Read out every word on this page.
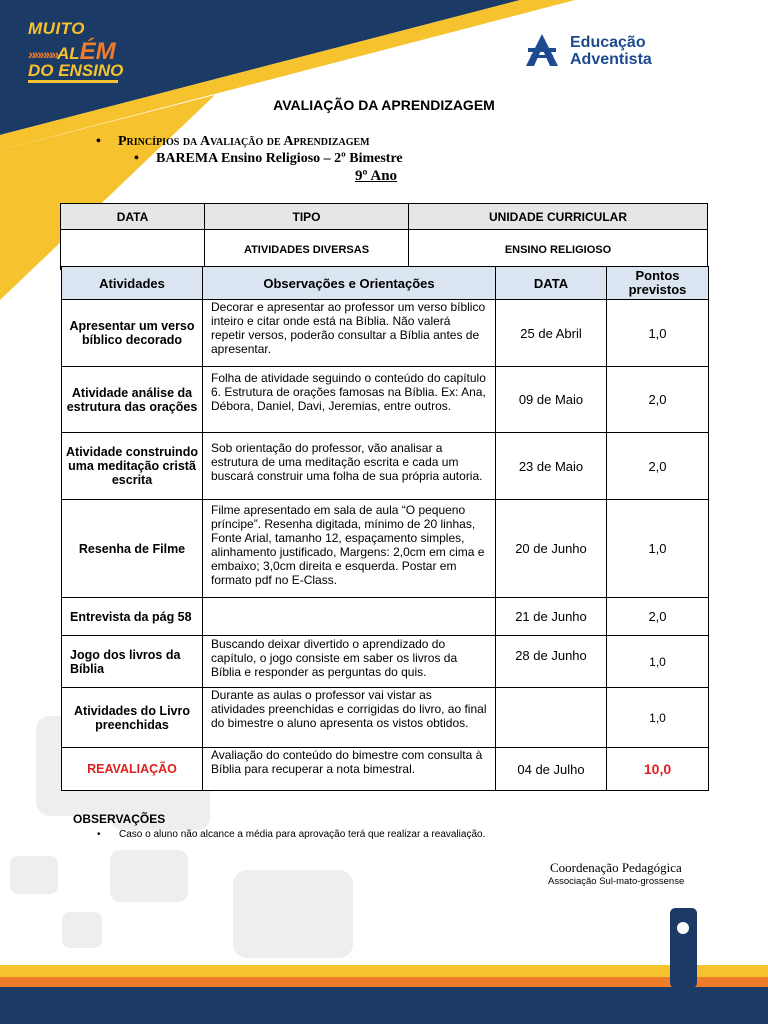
MUITO
»»»»»ALÉM
DO ENSINO
Educação
Adventista
AVALIAÇÃO DA APRENDIZAGEM
• Princípios da Avaliação de Aprendizagem
• BAREMA Ensino Religioso – 2º Bimestre
9º Ano
DATA	TIPO	UNIDADE CURRICULAR
	ATIVIDADES DIVERSAS	ENSINO RELIGIOSO
Atividades	Observações e Orientações	DATA	Pontos previstos
Apresentar um verso bíblico decorado	Decorar e apresentar ao professor um verso bíblico inteiro e citar onde está na Bíblia. Não valerá repetir versos, poderão consultar a Bíblia antes de apresentar.	25 de Abril	1,0
Atividade análise da estrutura das orações	Folha de atividade seguindo o conteúdo do capítulo 6. Estrutura de orações famosas na Bíblia. Ex: Ana, Débora, Daniel, Davi, Jeremias, entre outros.	09 de Maio	2,0
Atividade construindo uma meditação cristã escrita	Sob orientação do professor, vão analisar a estrutura de uma meditação escrita e cada um buscará construir uma folha de sua própria autoria.	23 de Maio	2,0
Resenha de Filme	Filme apresentado em sala de aula “O pequeno príncipe”. Resenha digitada, mínimo de 20 linhas, Fonte Arial, tamanho 12, espaçamento simples, alinhamento justificado, Margens: 2,0cm em cima e embaixo; 3,0cm direita e esquerda. Postar em formato pdf no E-Class.	20 de Junho	1,0
Entrevista da pág 58		21 de Junho	2,0
Jogo dos livros da Bíblia	Buscando deixar divertido o aprendizado do capítulo, o jogo consiste em saber os livros da Bíblia e responder as perguntas do quis.	28 de Junho	1,0
Atividades do Livro preenchidas	Durante as aulas o professor vai vistar as atividades preenchidas e corrigidas do livro, ao final do bimestre o aluno apresenta os vistos obtidos.		1,0
REAVALIAÇÃO	Avaliação do conteúdo do bimestre com consulta à Bíblia para recuperar a nota bimestral.	04 de Julho	10,0
OBSERVAÇÕES
• Caso o aluno não alcance a média para aprovação terá que realizar a reavaliação.
Coordenação Pedagógica
Associação Sul-mato-grossense
